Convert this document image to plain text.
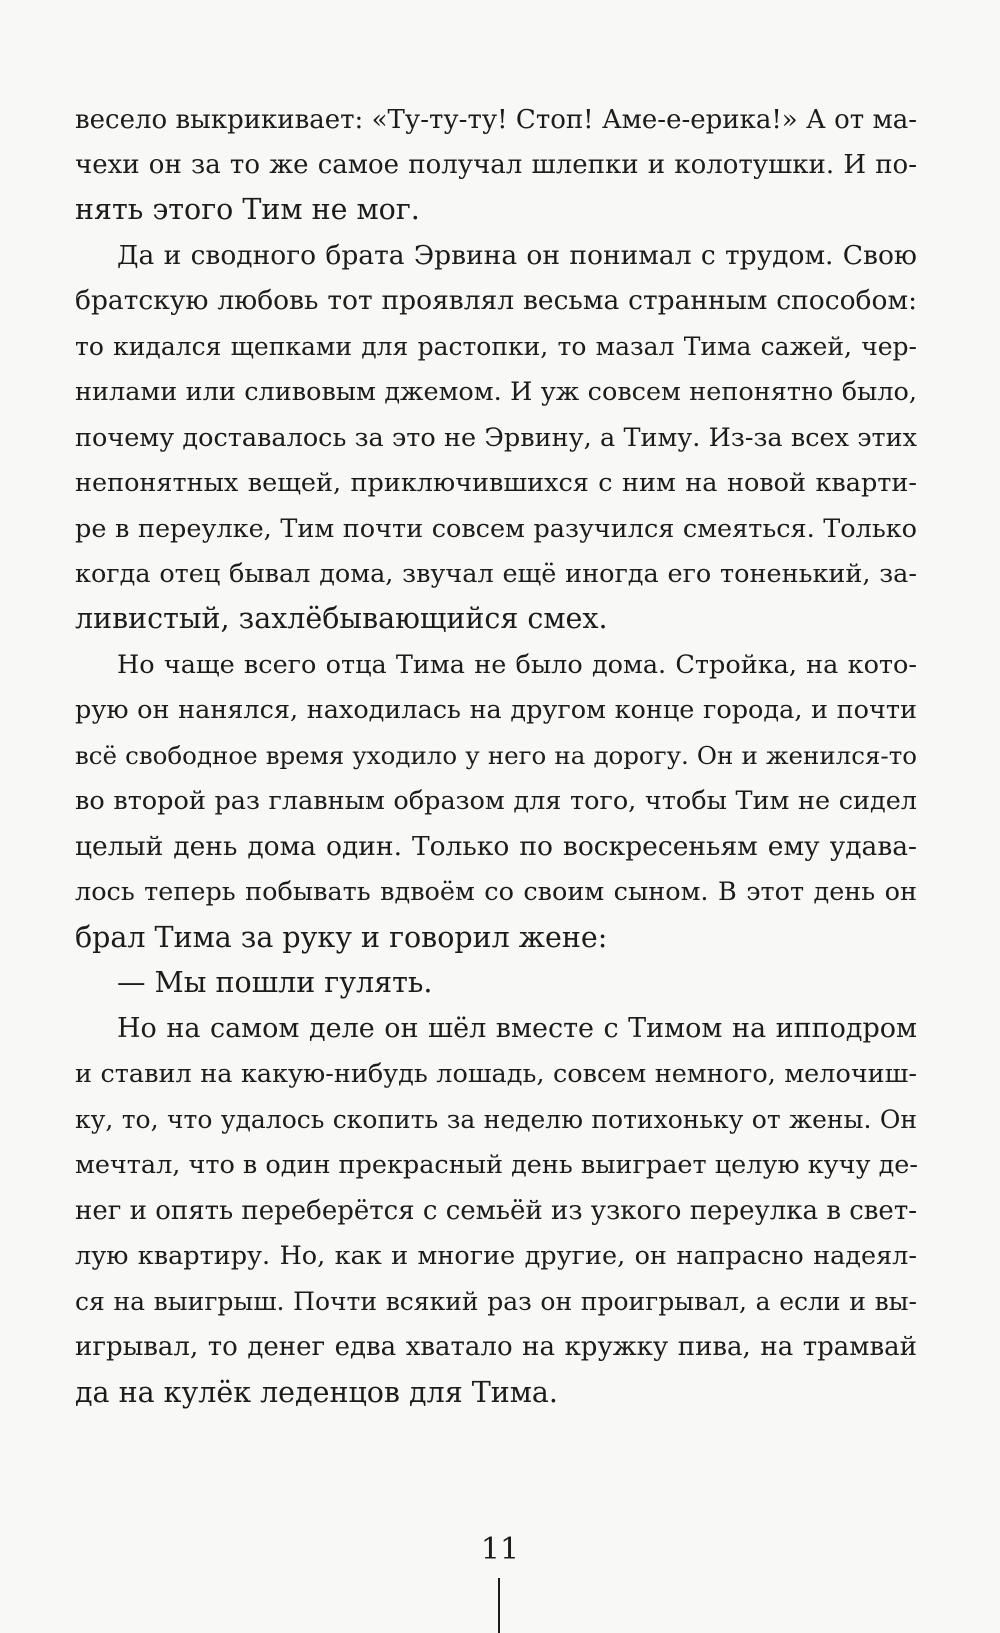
весело выкрикивает: «Ту-ту-ту! Стоп! Аме-е-ерика!» А от ма-
чехи он за то же самое получал шлепки и колотушки. И по-
нять этого Тим не мог.
Да и сводного брата Эрвина он понимал с трудом. Свою
братскую любовь тот проявлял весьма странным способом:
то кидался щепками для растопки, то мазал Тима сажей, чер-
нилами или сливовым джемом. И уж совсем непонятно было,
почему доставалось за это не Эрвину, а Тиму. Из-за всех этих
непонятных вещей, приключившихся с ним на новой кварти-
ре в переулке, Тим почти совсем разучился смеяться. Только
когда отец бывал дома, звучал ещё иногда его тоненький, за-
ливистый, захлёбывающийся смех.
Но чаще всего отца Тима не было дома. Стройка, на кото-
рую он нанялся, находилась на другом конце города, и почти
всё свободное время уходило у него на дорогу. Он и женился-то
во второй раз главным образом для того, чтобы Тим не сидел
целый день дома один. Только по воскресеньям ему удава-
лось теперь побывать вдвоём со своим сыном. В этот день он
брал Тима за руку и говорил жене:
— Мы пошли гулять.
Но на самом деле он шёл вместе с Тимом на ипподром
и ставил на какую-нибудь лошадь, совсем немного, мелочиш-
ку, то, что удалось скопить за неделю потихоньку от жены. Он
мечтал, что в один прекрасный день выиграет целую кучу де-
нег и опять переберётся с семьёй из узкого переулка в свет-
лую квартиру. Но, как и многие другие, он напрасно надеял-
ся на выигрыш. Почти всякий раз он проигрывал, а если и вы-
игрывал, то денег едва хватало на кружку пива, на трамвай
да на кулёк леденцов для Тима.
11
